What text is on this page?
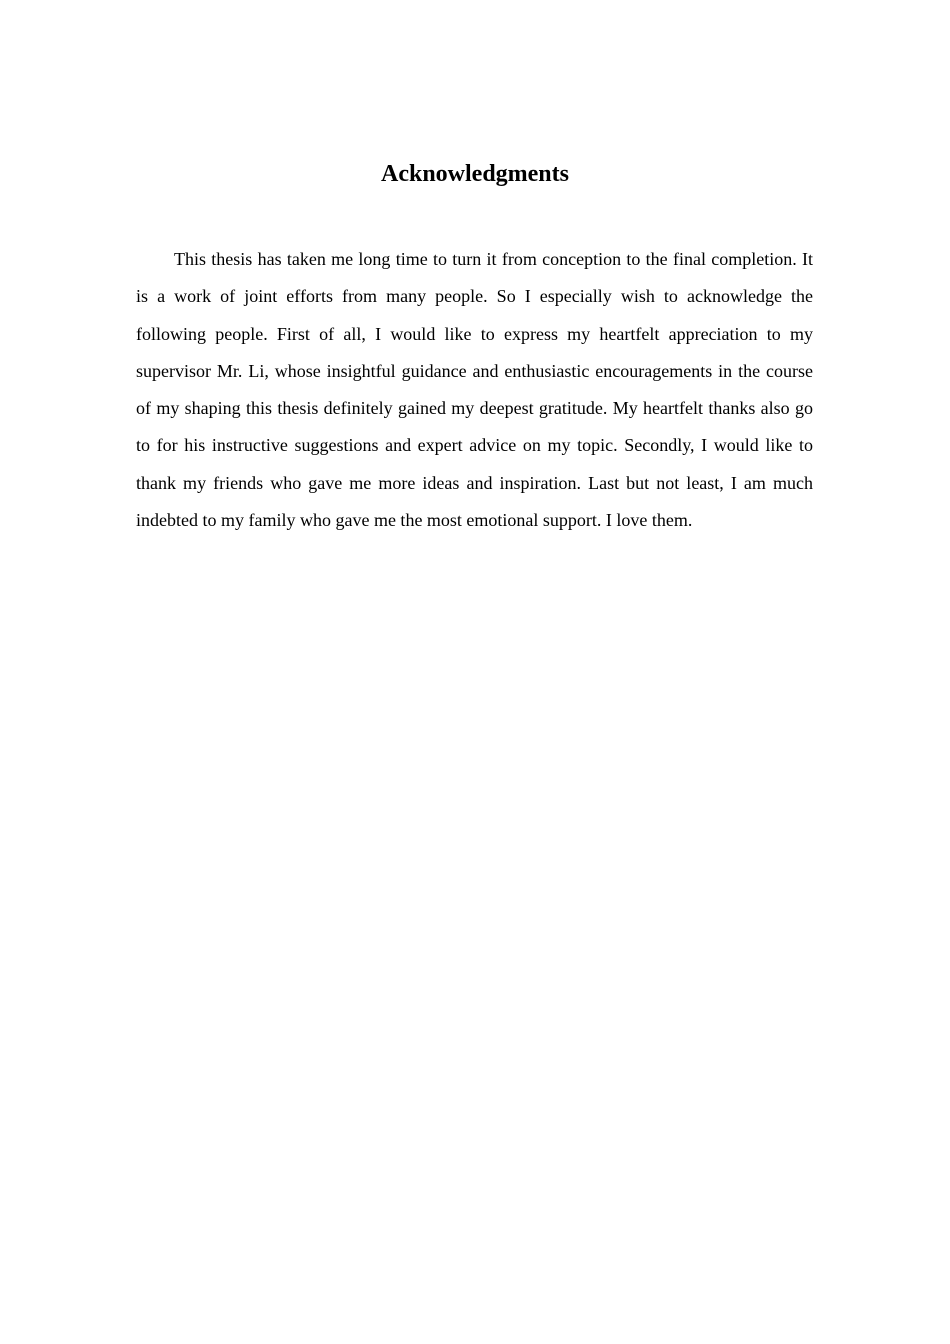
Acknowledgments

This thesis has taken me long time to turn it from conception to the final completion. It is a work of joint efforts from many people. So I especially wish to acknowledge the following people. First of all, I would like to express my heartfelt appreciation to my supervisor Mr. Li, whose insightful guidance and enthusiastic encouragements in the course of my shaping this thesis definitely gained my deepest gratitude. My heartfelt thanks also go to for his instructive suggestions and expert advice on my topic. Secondly, I would like to thank my friends who gave me more ideas and inspiration. Last but not least, I am much indebted to my family who gave me the most emotional support. I love them.
